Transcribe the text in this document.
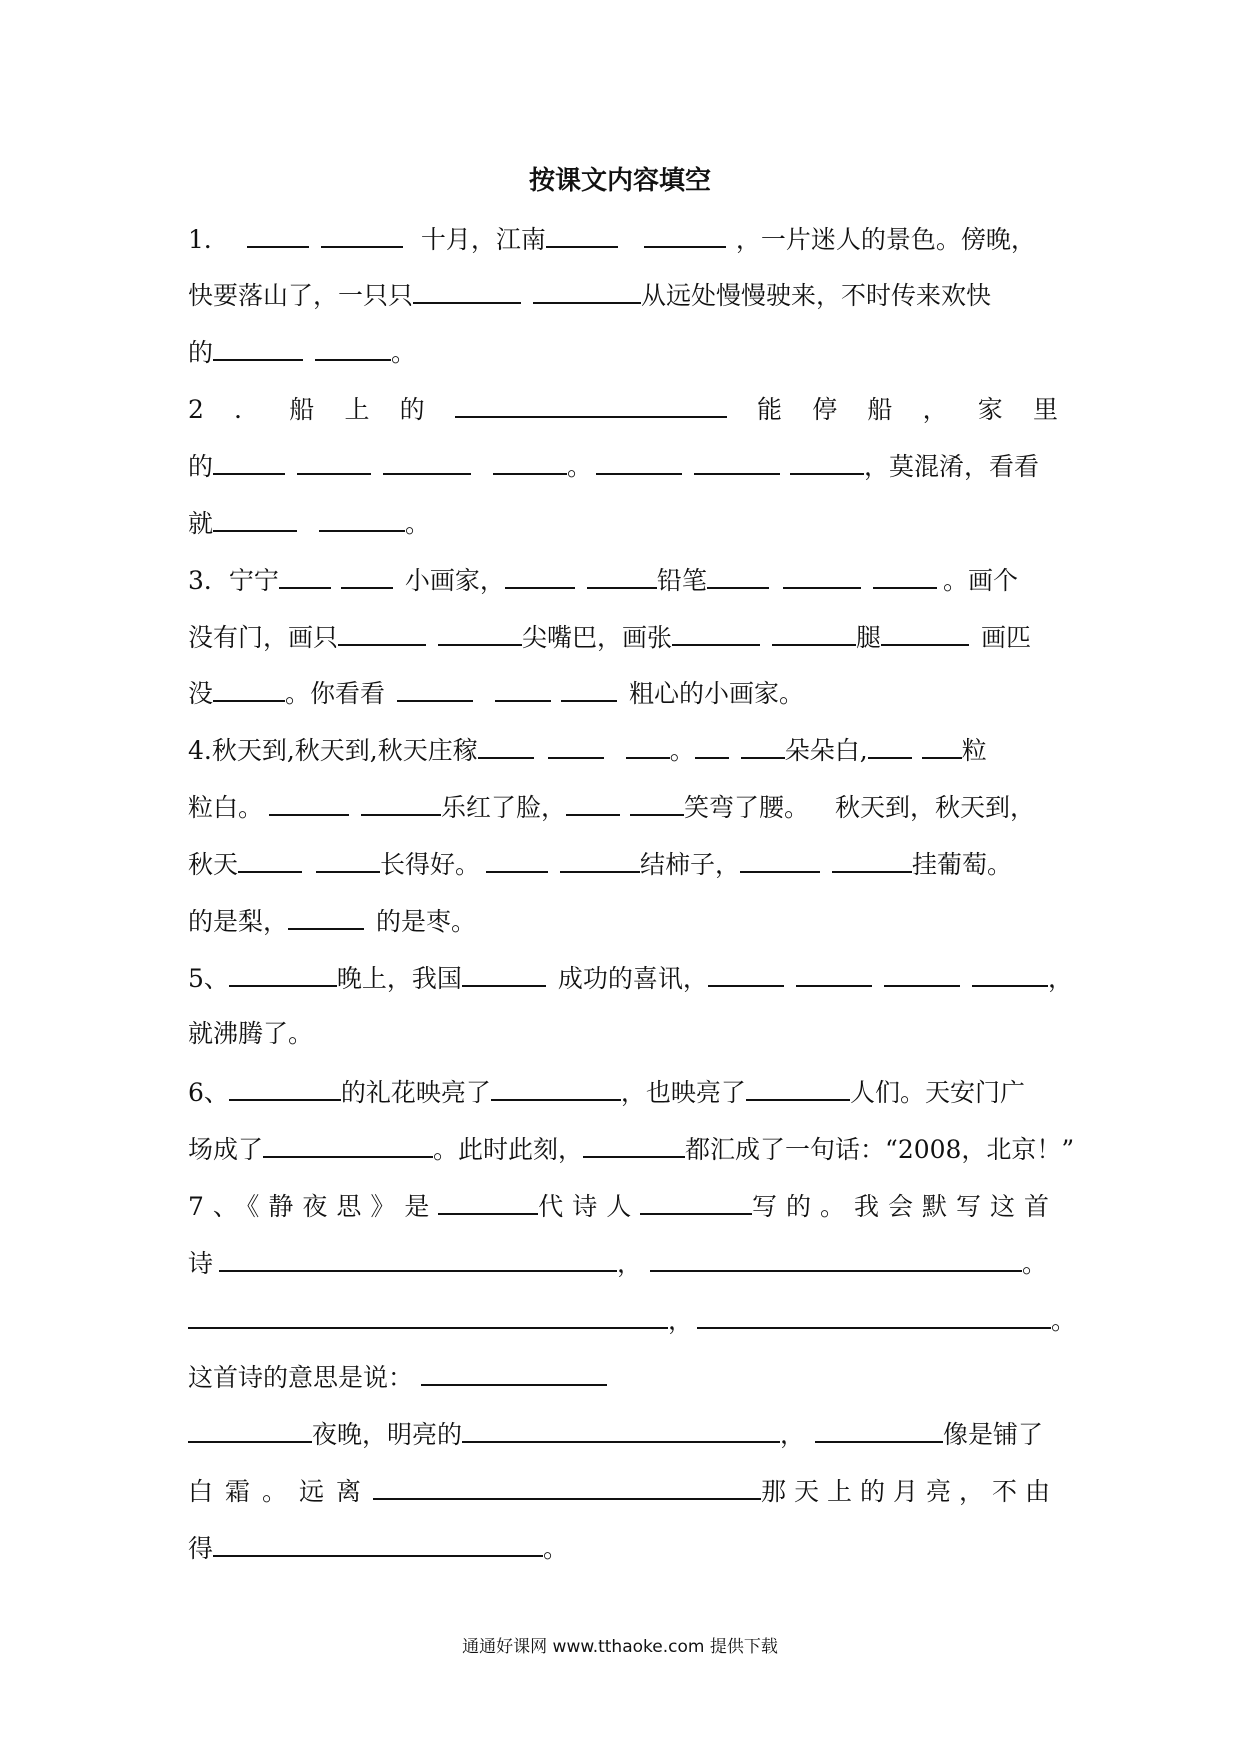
按课文内容填空
1．	十月，江南	，一片迷人的景色。傍晚，
快要落山了，一只只	从远处慢慢驶来，不时传来欢快
的	。
2 ． 船 上 的	能 停 船 ， 家 里
的	。	，莫混淆，看看
就	。
3．宁宁	小画家，	铅笔	。画个
没有门，画只	尖嘴巴，画张	腿	画匹
没	。你看看	粗心的小画家。
4.秋天到,秋天到,秋天庄稼	。	朵朵白,	粒
粒白。	乐红了脸，	笑弯了腰。 秋天到，秋天到，
秋天	长得好。	结柿子，	挂葡萄。
的是梨，	的是枣。
5、	晚上，我国	成功的喜讯，	，
就沸腾了。
6、	的礼花映亮了	，也映亮了	人们。天安门广
场成了	。此时此刻，	都汇成了一句话：“2008，北京！”
7、《静夜思》是	代诗人	写的。我会默写这首
诗	，	。
，	。
这首诗的意思是说：
夜晚，明亮的	，	像是铺了
白霜。远离	那天上的月亮，不由
得	。
通通好课网 www.tthaoke.com 提供下载
